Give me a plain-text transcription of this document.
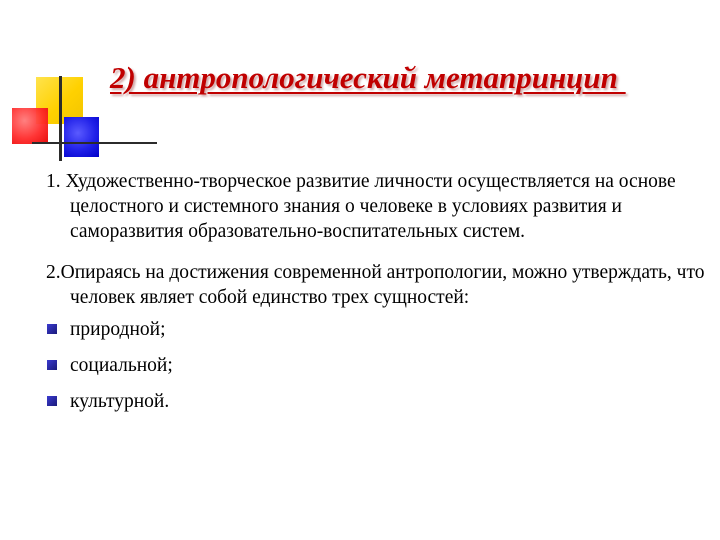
2) антропологический метапринцип

1. Художественно-творческое развитие личности осуществляется на основе целостного и системного знания о человеке в условиях развития и саморазвития образовательно-воспитательных систем.

2.Опираясь на достижения современной антропологии, можно утверждать, что человек являет собой единство трех сущностей:

природной;
социальной;
культурной.
